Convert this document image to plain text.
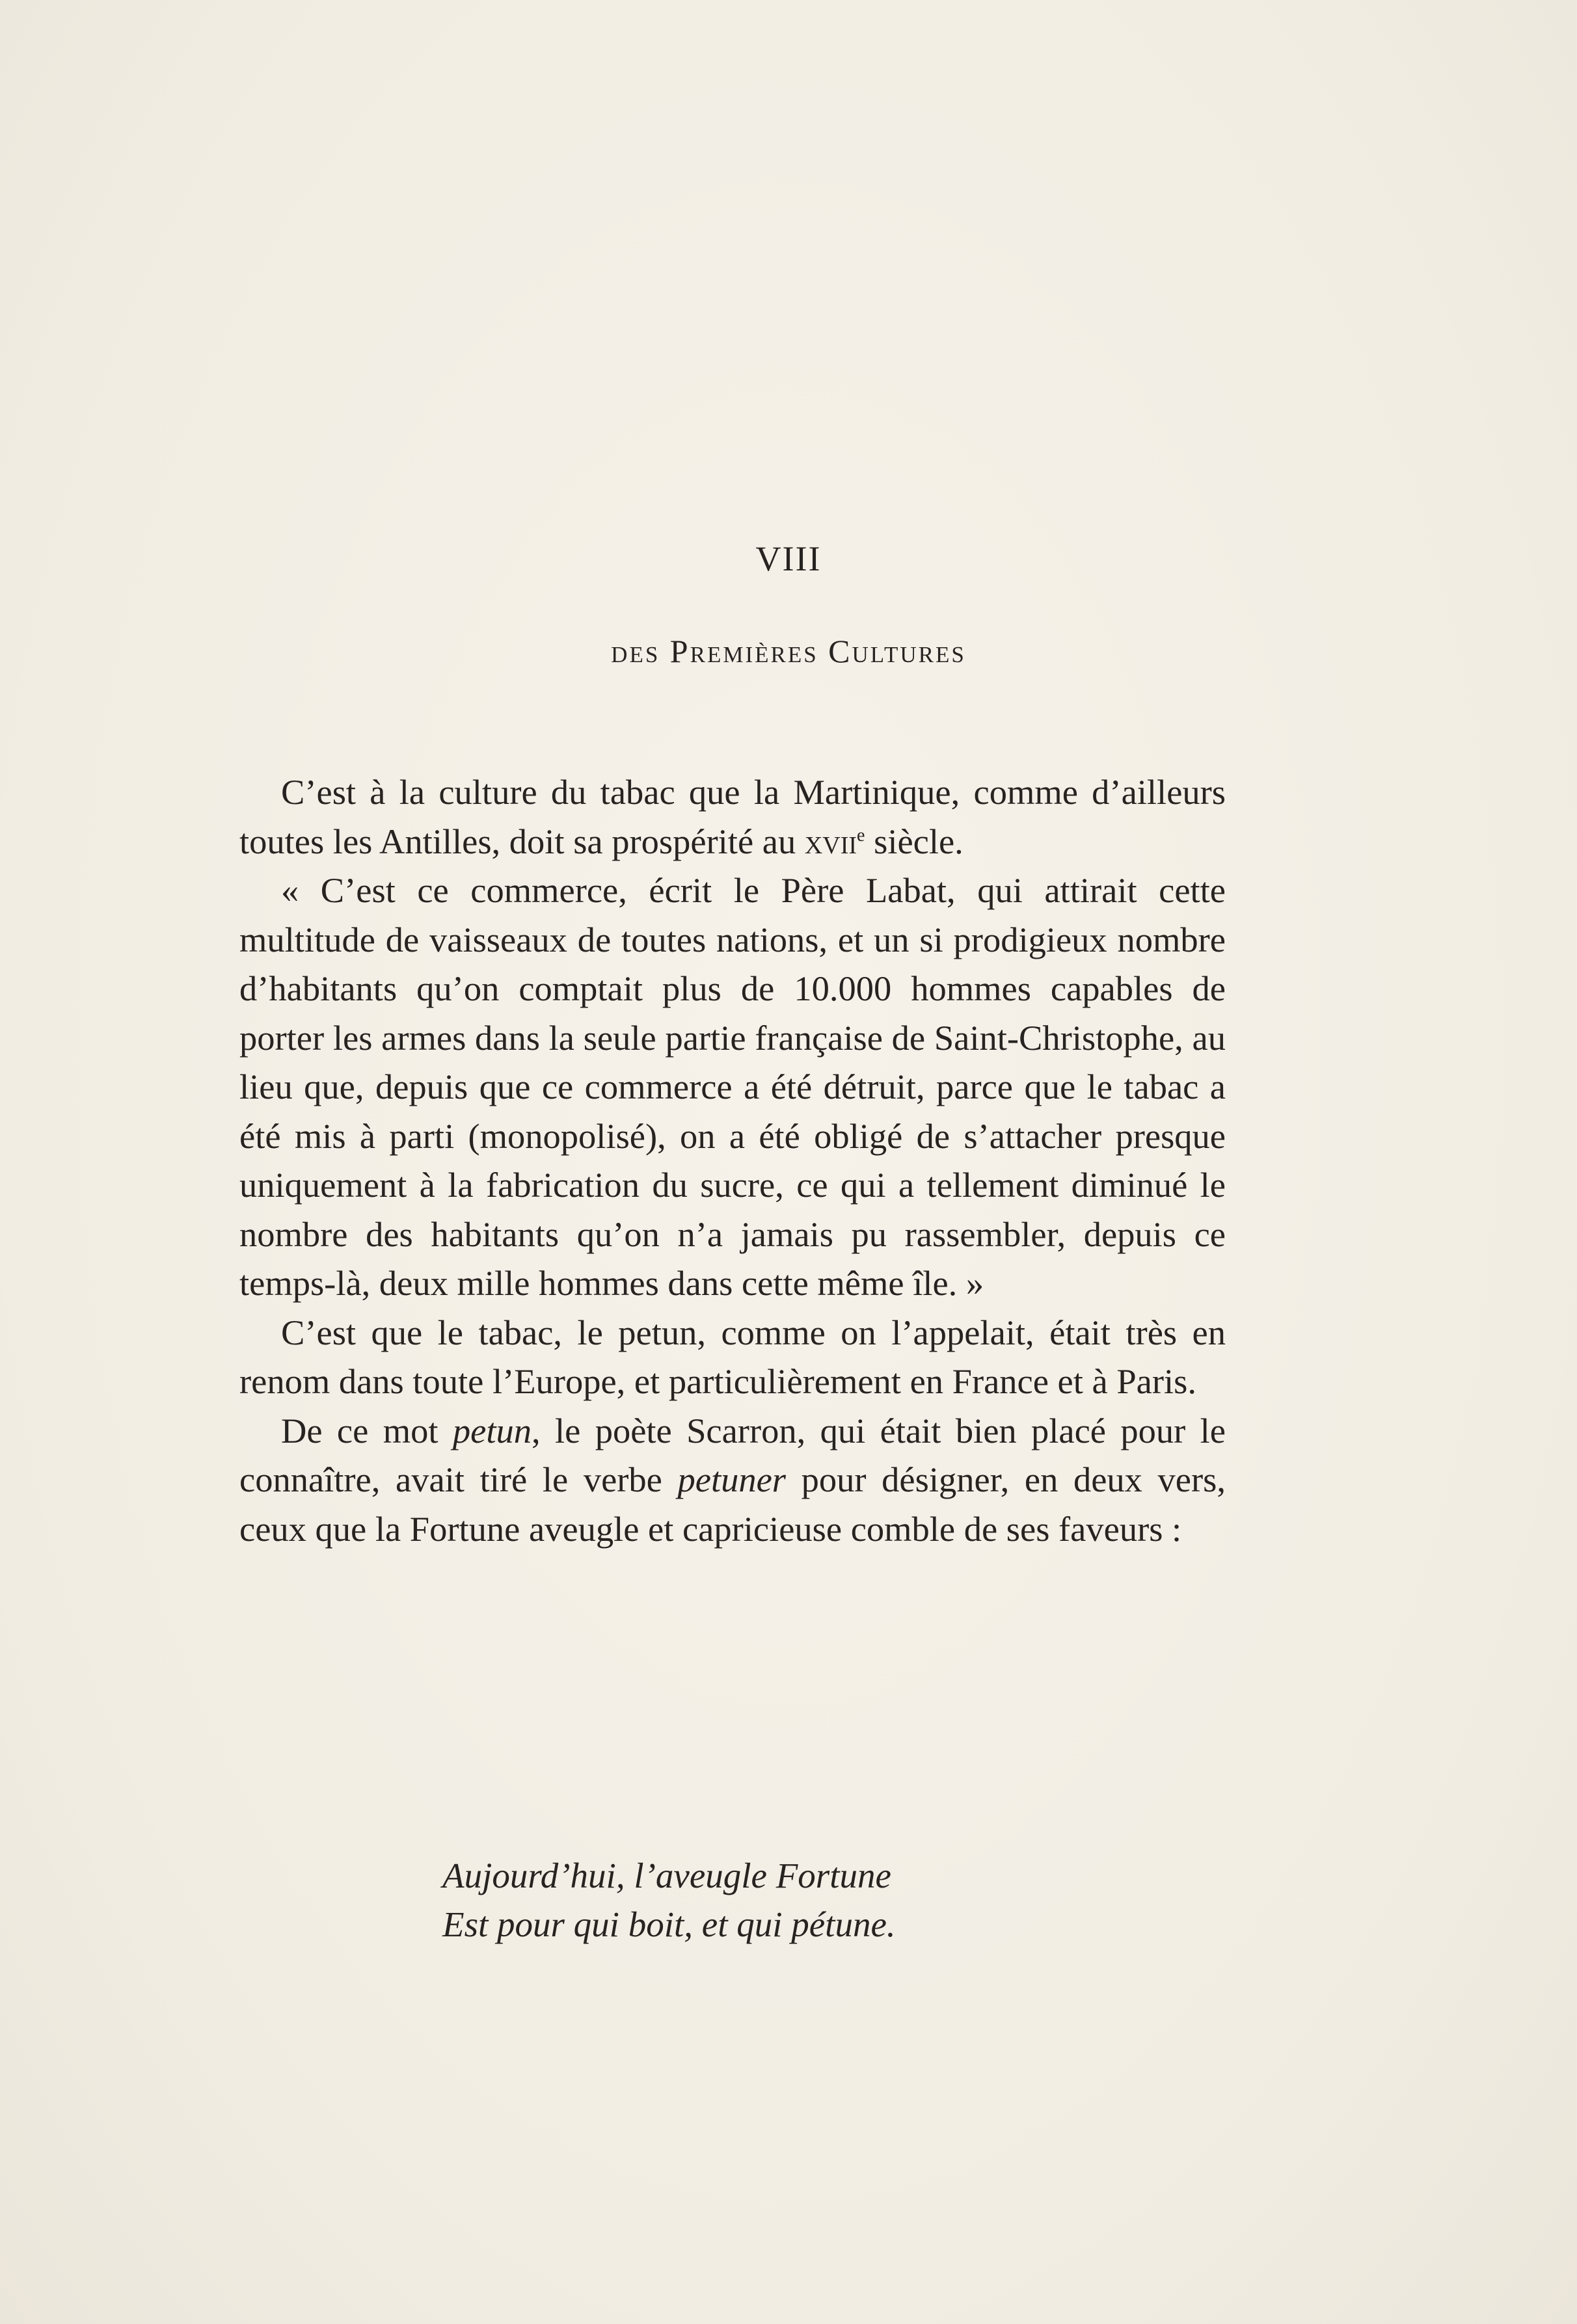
VIII
des Premières Cultures

C’est à la culture du tabac que la Martinique, comme d’ailleurs toutes les Antilles, doit sa prospérité au xvii$^e$ siècle.

« C’est ce commerce, écrit le Père Labat, qui attirait cette multitude de vaisseaux de toutes nations, et un si prodigieux nombre d’habitants qu’on comptait plus de 10.000 hommes capables de porter les armes dans la seule partie française de Saint-Christophe, au lieu que, depuis que ce commerce a été détruit, parce que le tabac a été mis à parti (monopolisé), on a été obligé de s’attacher presque uniquement à la fabrication du sucre, ce qui a tellement diminué le nombre des habitants qu’on n’a jamais pu rassembler, depuis ce temps-là, deux mille hommes dans cette même île. »

C’est que le tabac, le petun, comme on l’appelait, était très en renom dans toute l’Europe, et particulièrement en France et à Paris.

De ce mot petun, le poète Scarron, qui était bien placé pour le connaître, avait tiré le verbe petuner pour désigner, en deux vers, ceux que la Fortune aveugle et capricieuse comble de ses faveurs :

Aujourd’hui, l’aveugle Fortune
Est pour qui boit, et qui pétune.
